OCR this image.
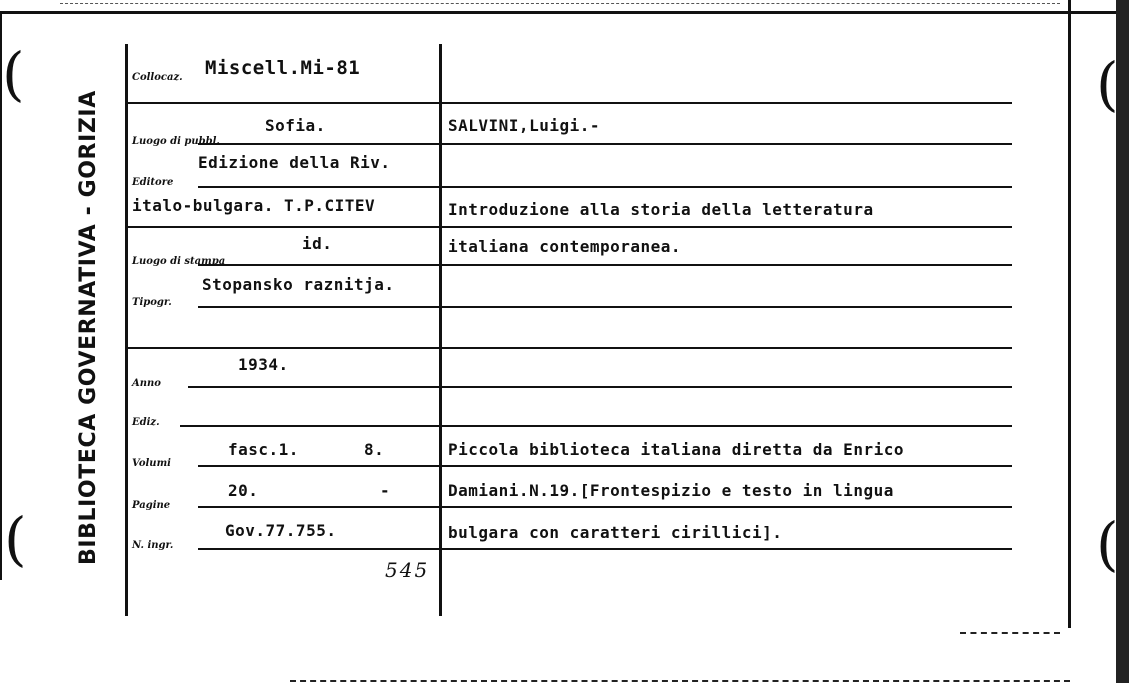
(
(
(
(
BIBLIOTECA GOVERNATIVA - GORIZIA
Collocaz.
Luogo di pubbl.
Editore
Luogo di stampa
Tipogr.
Anno
Ediz.
Volumi
Pagine
N. ingr.
Miscell.Mi-81
Sofia.
Edizione della Riv.
italo-bulgara. T.P.CITEV
id.
Stopansko raznitja.
1934.
fasc.1.	8.
20.	-
Gov.77.755.
545
SALVINI,Luigi.-
Introduzione alla storia della letteratura
italiana contemporanea.
Piccola biblioteca italiana diretta da Enrico
Damiani.N.19.[Frontespizio e testo in lingua
bulgara con caratteri cirillici].
